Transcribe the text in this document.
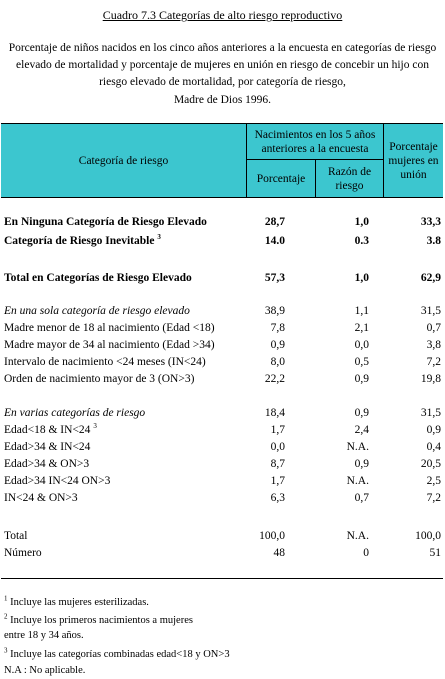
Cuadro 7.3 Categorías de alto riesgo reproductivo
Porcentaje de niños nacidos en los cinco años anteriores a la encuesta en categorías de riesgo elevado de mortalidad y porcentaje de mujeres en unión en riesgo de concebir un hijo con riesgo elevado de mortalidad, por categoría de riesgo,
Madre de Dios 1996.
Categoría de riesgo
Nacimientos en los 5 años anteriores a la encuesta
Porcentaje
Razón de riesgo
Porcentaje mujeres en unión
En Ninguna Categoría de Riesgo Elevado	28,7	1,0	33,3
Categoría de Riesgo Inevitable $^3$	14.0	0.3	3.8
Total en Categorías de Riesgo Elevado	57,3	1,0	62,9
En una sola categoría de riesgo elevado	38,9	1,1	31,5
Madre menor de 18 al nacimiento (Edad <18)	7,8	2,1	0,7
Madre mayor de 34 al nacimiento (Edad >34)	0,9	0,0	3,8
Intervalo de nacimiento <24 meses (IN<24)	8,0	0,5	7,2
Orden de nacimiento mayor de 3 (ON>3)	22,2	0,9	19,8
En varias categorías de riesgo	18,4	0,9	31,5
Edad<18 & IN<24 $^3$	1,7	2,4	0,9
Edad>34 & IN<24	0,0	N.A.	0,4
Edad>34 & ON>3	8,7	0,9	20,5
Edad>34 IN<24 ON>3	1,7	N.A.	2,5
IN<24 & ON>3	6,3	0,7	7,2
Total	100,0	N.A.	100,0
Número	48	0	51
$^1$ Incluye las mujeres esterilizadas.
$^2$ Incluye los primeros nacimientos a mujeres
entre 18 y 34 años.
$^3$ Incluye las categorías combinadas edad<18 y ON>3
N.A : No aplicable.
